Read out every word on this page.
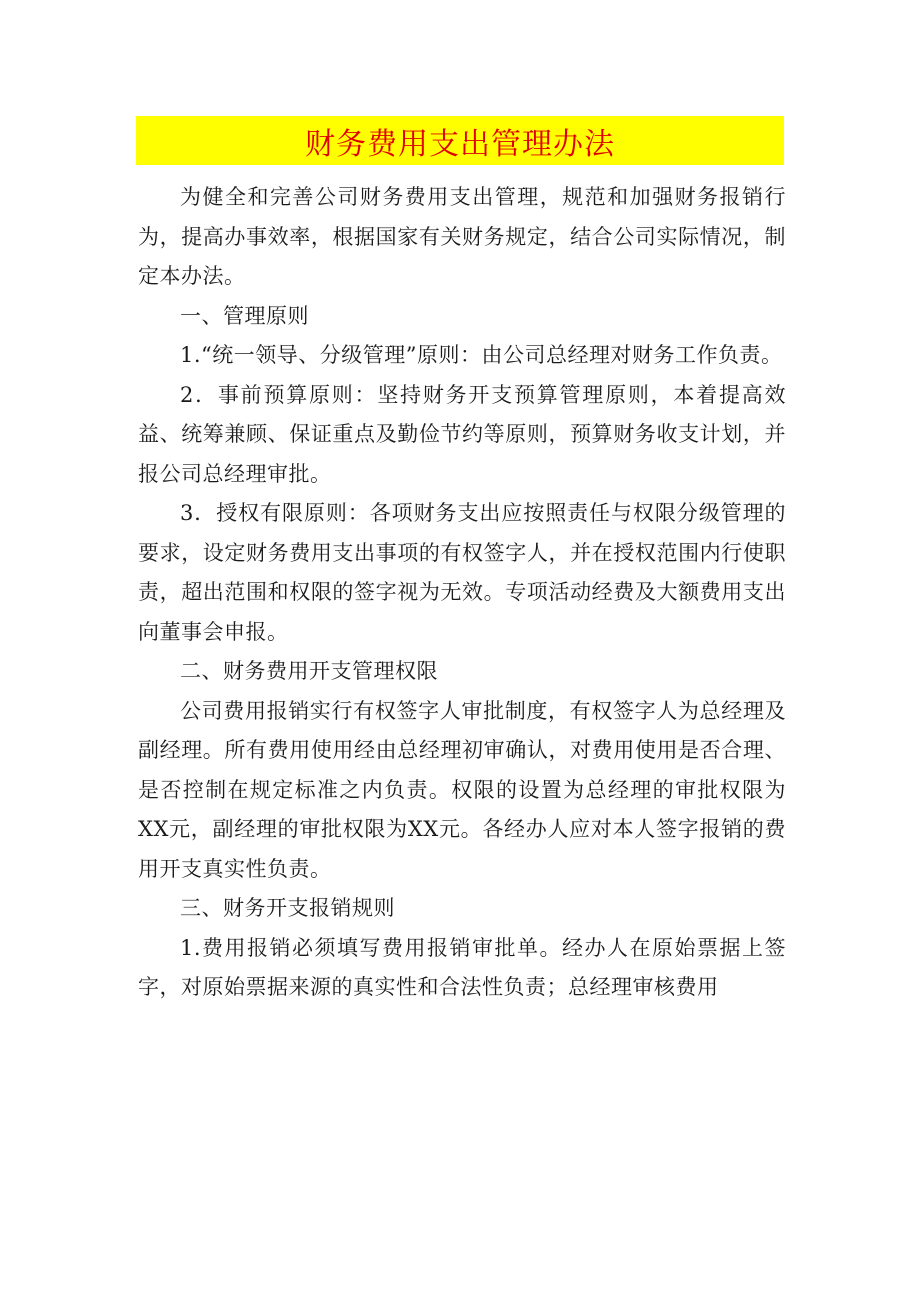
财务费用支出管理办法

为健全和完善公司财务费用支出管理，规范和加强财务报销行为，提高办事效率，根据国家有关财务规定，结合公司实际情况，制定本办法。

一、管理原则

1.“统一领导、分级管理”原则：由公司总经理对财务工作负责。

2．事前预算原则：坚持财务开支预算管理原则，本着提高效益、统筹兼顾、保证重点及勤俭节约等原则，预算财务收支计划，并报公司总经理审批。

3．授权有限原则：各项财务支出应按照责任与权限分级管理的要求，设定财务费用支出事项的有权签字人，并在授权范围内行使职责，超出范围和权限的签字视为无效。专项活动经费及大额费用支出向董事会申报。

二、财务费用开支管理权限

公司费用报销实行有权签字人审批制度，有权签字人为总经理及副经理。所有费用使用经由总经理初审确认，对费用使用是否合理、是否控制在规定标准之内负责。权限的设置为总经理的审批权限为XX元，副经理的审批权限为XX元。各经办人应对本人签字报销的费用开支真实性负责。

三、财务开支报销规则

1.费用报销必须填写费用报销审批单。经办人在原始票据上签字，对原始票据来源的真实性和合法性负责；总经理审核费用
